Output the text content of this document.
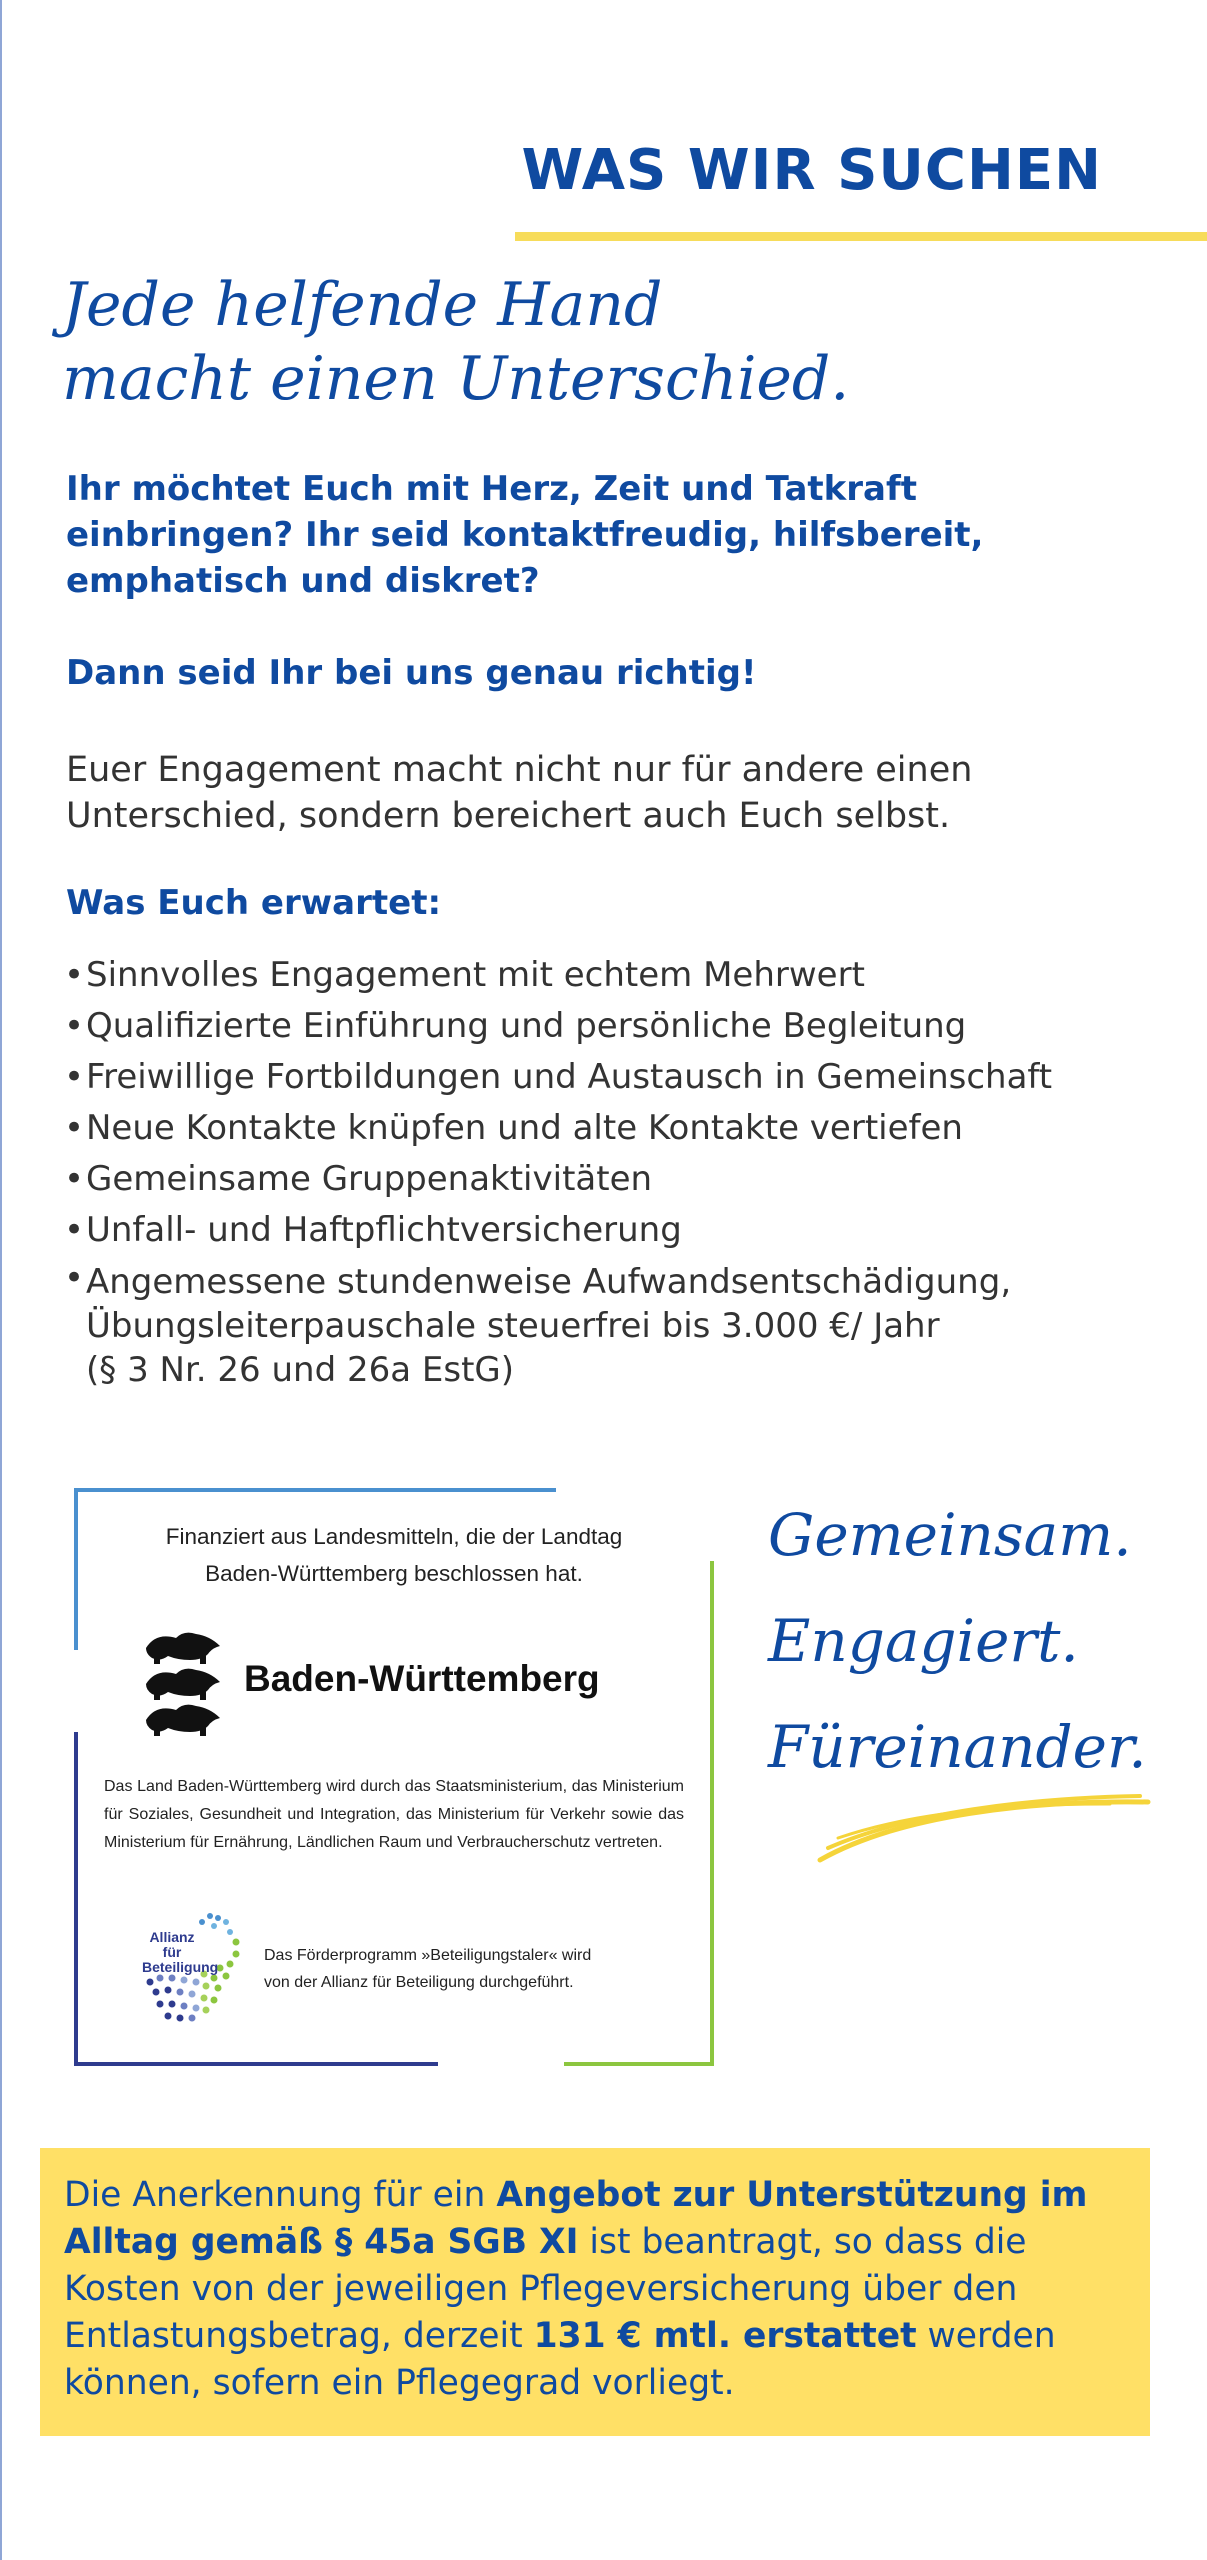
WAS WIR SUCHEN
Jede helfende Hand
macht einen Unterschied.

Ihr möchtet Euch mit Herz, Zeit und Tatkraft einbringen? Ihr seid kontaktfreudig, hilfsbereit, emphatisch und diskret?

Dann seid Ihr bei uns genau richtig!

Euer Engagement macht nicht nur für andere einen Unterschied, sondern bereichert auch Euch selbst.

Was Euch erwartet:
• Sinnvolles Engagement mit echtem Mehrwert
• Qualifizierte Einführung und persönliche Begleitung
• Freiwillige Fortbildungen und Austausch in Gemeinschaft
• Neue Kontakte knüpfen und alte Kontakte vertiefen
• Gemeinsame Gruppenaktivitäten
• Unfall- und Haftpflichtversicherung
• Angemessene stundenweise Aufwandsentschädigung,
Übungsleiterpauschale steuerfrei bis 3.000 €/ Jahr
(§ 3 Nr. 26 und 26a EstG)

Finanziert aus Landesmitteln, die der Landtag
Baden-Württemberg beschlossen hat.

Baden-Württemberg

Das Land Baden-Württemberg wird durch das Staatsministerium, das Ministerium für Soziales, Gesundheit und Integration, das Ministerium für Verkehr sowie das Ministerium für Ernährung, Ländlichen Raum und Verbraucherschutz vertreten.

Allianz für
Beteiligung

Das Förderprogramm »Beteiligungstaler« wird
von der Allianz für Beteiligung durchgeführt.

Gemeinsam.
Engagiert.
Füreinander.

Die Anerkennung für ein Angebot zur Unterstützung im Alltag gemäß § 45a SGB XI ist beantragt, so dass die Kosten von der jeweiligen Pflegeversicherung über den Entlastungsbetrag, derzeit 131 € mtl. erstattet werden können, sofern ein Pflegegrad vorliegt.
